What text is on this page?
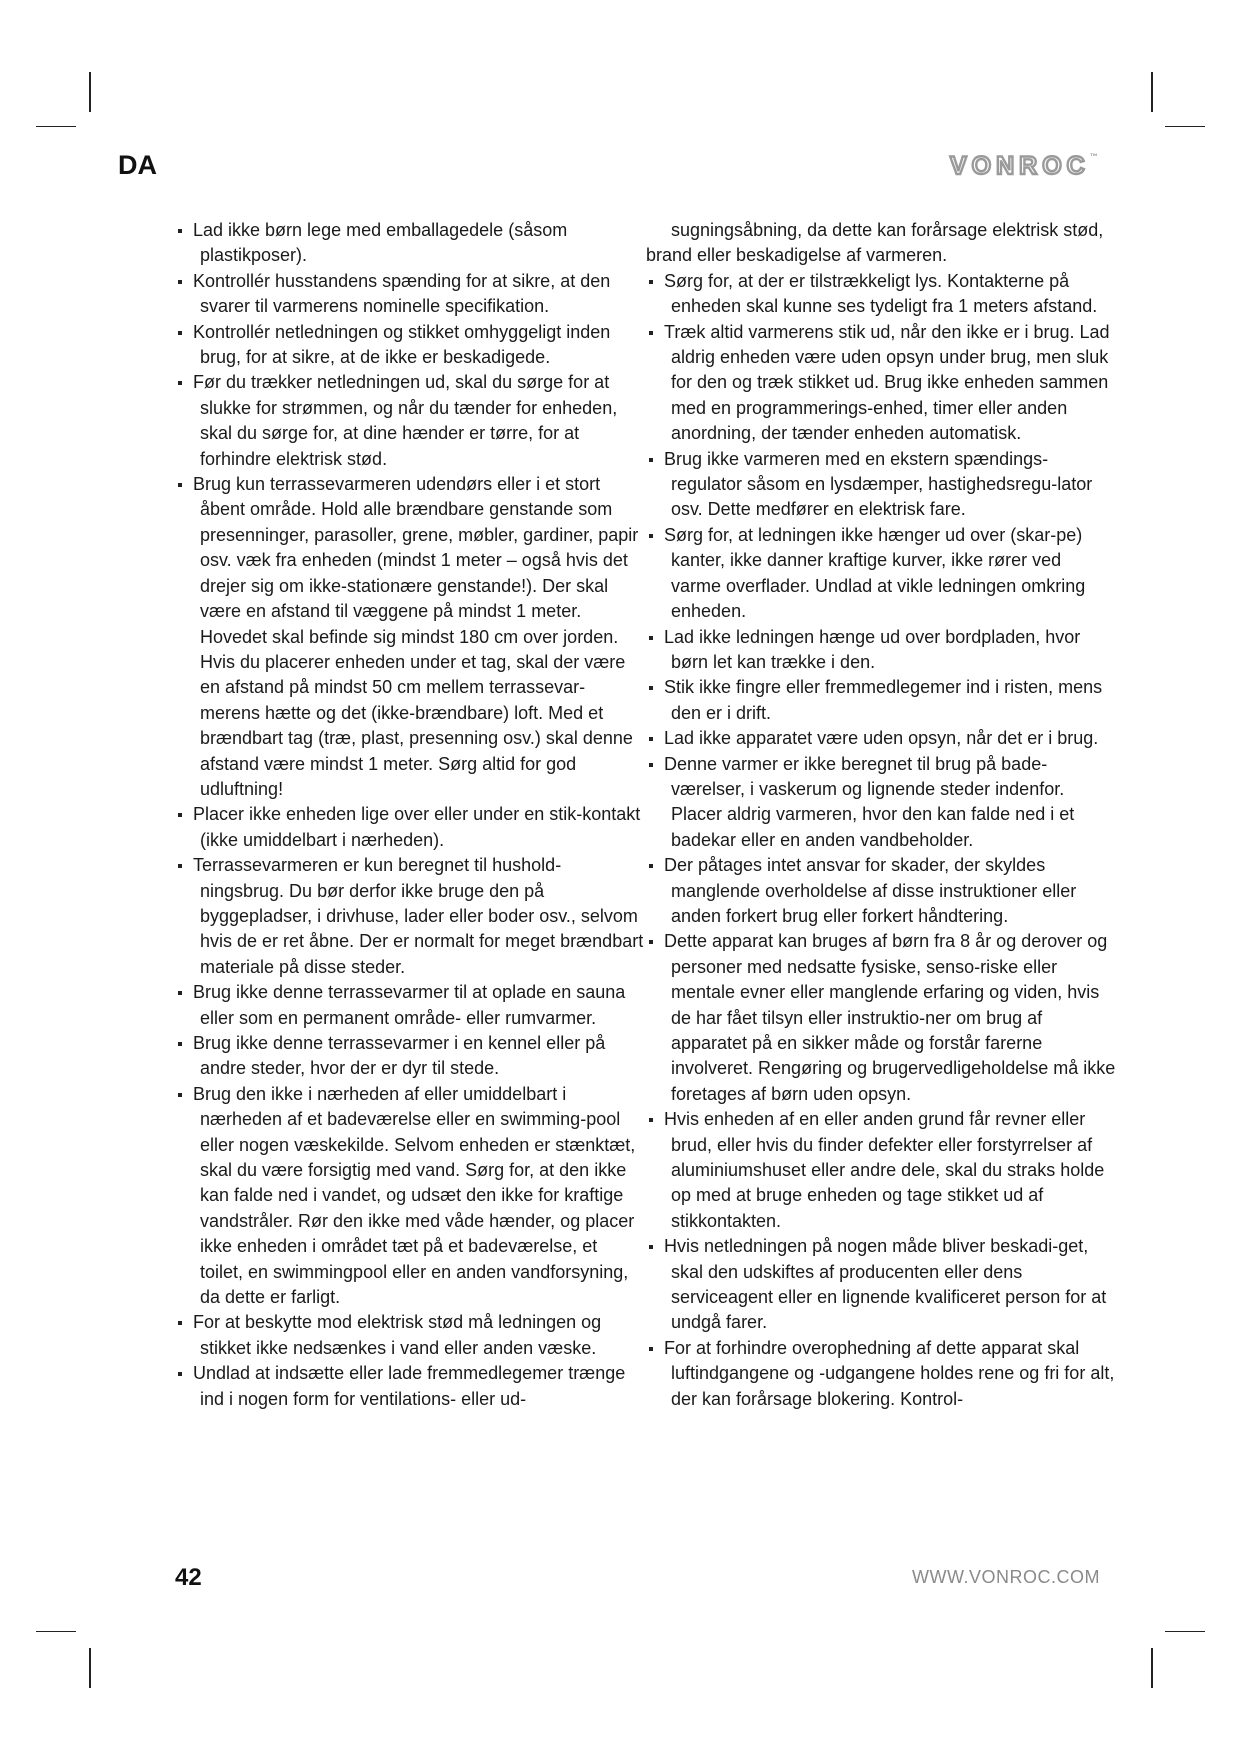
DA	VONROC™
Lad ikke børn lege med emballagedele (såsom plastikposer).
Kontrollér husstandens spænding for at sikre, at den svarer til varmerens nominelle specifikation.
Kontrollér netledningen og stikket omhyggeligt inden brug, for at sikre, at de ikke er beskadigede.
Før du trækker netledningen ud, skal du sørge for at slukke for strømmen, og når du tænder for enheden, skal du sørge for, at dine hænder er tørre, for at forhindre elektrisk stød.
Brug kun terrassevarmeren udendørs eller i et stort åbent område. Hold alle brændbare genstande som presenninger, parasoller, grene, møbler, gardiner, papir osv. væk fra enheden (mindst 1 meter – også hvis det drejer sig om ikke-stationære genstande!). Der skal være en afstand til væggene på mindst 1 meter. Hovedet skal befinde sig mindst 180 cm over jorden. Hvis du placerer enheden under et tag, skal der være en afstand på mindst 50 cm mellem terrassevar-merens hætte og det (ikke-brændbare) loft. Med et brændbart tag (træ, plast, presenning osv.) skal denne afstand være mindst 1 meter. Sørg altid for god udluftning!
Placer ikke enheden lige over eller under en stik-kontakt (ikke umiddelbart i nærheden).
Terrassevarmeren er kun beregnet til hushold-ningsbrug. Du bør derfor ikke bruge den på byggepladser, i drivhuse, lader eller boder osv., selvom hvis de er ret åbne. Der er normalt for meget brændbart materiale på disse steder.
Brug ikke denne terrassevarmer til at oplade en sauna eller som en permanent område- eller rumvarmer.
Brug ikke denne terrassevarmer i en kennel eller på andre steder, hvor der er dyr til stede.
Brug den ikke i nærheden af eller umiddelbart i nærheden af et badeværelse eller en swimming-pool eller nogen væskekilde. Selvom enheden er stænktæt, skal du være forsigtig med vand. Sørg for, at den ikke kan falde ned i vandet, og udsæt den ikke for kraftige vandstråler. Rør den ikke med våde hænder, og placer ikke enheden i området tæt på et badeværelse, et toilet, en swimmingpool eller en anden vandforsyning, da dette er farligt.
For at beskytte mod elektrisk stød må ledningen og stikket ikke nedsænkes i vand eller anden væske.
Undlad at indsætte eller lade fremmedlegemer trænge ind i nogen form for ventilations- eller ud-
sugningsåbning, da dette kan forårsage elektrisk stød, brand eller beskadigelse af varmeren.
Sørg for, at der er tilstrækkeligt lys. Kontakterne på enheden skal kunne ses tydeligt fra 1 meters afstand.
Træk altid varmerens stik ud, når den ikke er i brug. Lad aldrig enheden være uden opsyn under brug, men sluk for den og træk stikket ud. Brug ikke enheden sammen med en programmerings-enhed, timer eller anden anordning, der tænder enheden automatisk.
Brug ikke varmeren med en ekstern spændings-regulator såsom en lysdæmper, hastighedsregu-lator osv. Dette medfører en elektrisk fare.
Sørg for, at ledningen ikke hænger ud over (skar-pe) kanter, ikke danner kraftige kurver, ikke rører ved varme overflader. Undlad at vikle ledningen omkring enheden.
Lad ikke ledningen hænge ud over bordpladen, hvor børn let kan trække i den.
Stik ikke fingre eller fremmedlegemer ind i risten, mens den er i drift.
Lad ikke apparatet være uden opsyn, når det er i brug.
Denne varmer er ikke beregnet til brug på bade-værelser, i vaskerum og lignende steder indenfor. Placer aldrig varmeren, hvor den kan falde ned i et badekar eller en anden vandbeholder.
Der påtages intet ansvar for skader, der skyldes manglende overholdelse af disse instruktioner eller anden forkert brug eller forkert håndtering.
Dette apparat kan bruges af børn fra 8 år og derover og personer med nedsatte fysiske, senso-riske eller mentale evner eller manglende erfaring og viden, hvis de har fået tilsyn eller instruktio-ner om brug af apparatet på en sikker måde og forstår farerne involveret. Rengøring og brugervedligeholdelse må ikke foretages af børn uden opsyn.
Hvis enheden af en eller anden grund får revner eller brud, eller hvis du finder defekter eller forstyrrelser af aluminiumshuset eller andre dele, skal du straks holde op med at bruge enheden og tage stikket ud af stikkontakten.
Hvis netledningen på nogen måde bliver beskadi-get, skal den udskiftes af producenten eller dens serviceagent eller en lignende kvalificeret person for at undgå farer.
For at forhindre overophedning af dette apparat skal luftindgangene og -udgangene holdes rene og fri for alt, der kan forårsage blokering. Kontrol-
42	WWW.VONROC.COM
